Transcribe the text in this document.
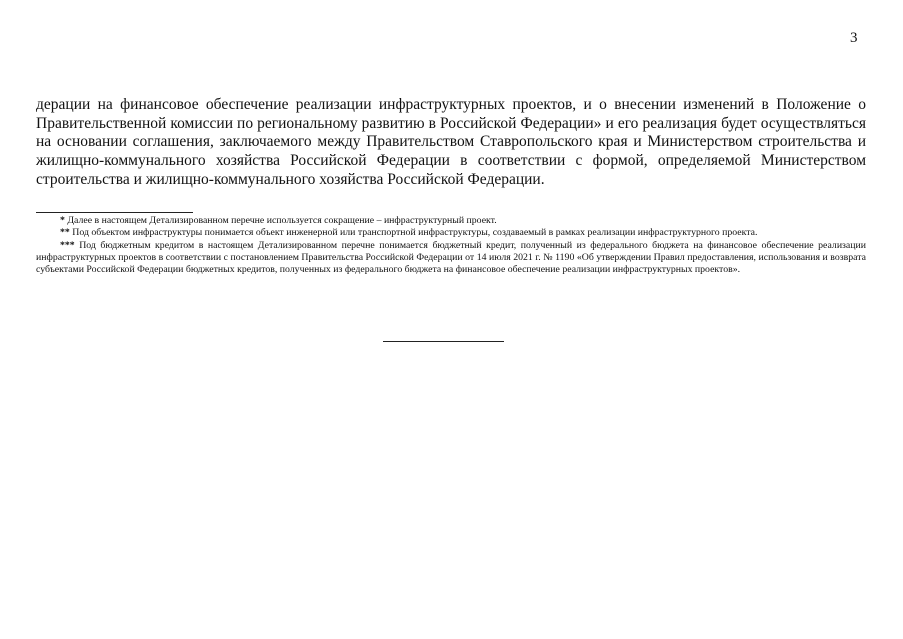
3

дерации на финансовое обеспечение реализации инфраструктурных проектов, и о внесении изменений в Положение о Правительственной комиссии по региональному развитию в Российской Федерации» и его реализация будет осуществляться на основании соглашения, заключаемого между Правительством Ставропольского края и Министерством строительства и жилищно-коммунального хозяйства Российской Федерации в соответствии с формой, определяемой Министерством строительства и жилищно-коммунального хозяйства Российской Федерации.

* Далее в настоящем Детализированном перечне используется сокращение – инфраструктурный проект.

** Под объектом инфраструктуры понимается объект инженерной или транспортной инфраструктуры, создаваемый в рамках реализации инфраструктурного проекта.

*** Под бюджетным кредитом в настоящем Детализированном перечне понимается бюджетный кредит, полученный из федерального бюджета на финансовое обеспечение реализации инфраструктурных проектов в соответствии с постановлением Правительства Российской Федерации от 14 июля 2021 г. № 1190 «Об утверждении Правил предоставления, использования и возврата субъектами Российской Федерации бюджетных кредитов, полученных из федерального бюджета на финансовое обеспечение реализации инфраструктурных проектов».
